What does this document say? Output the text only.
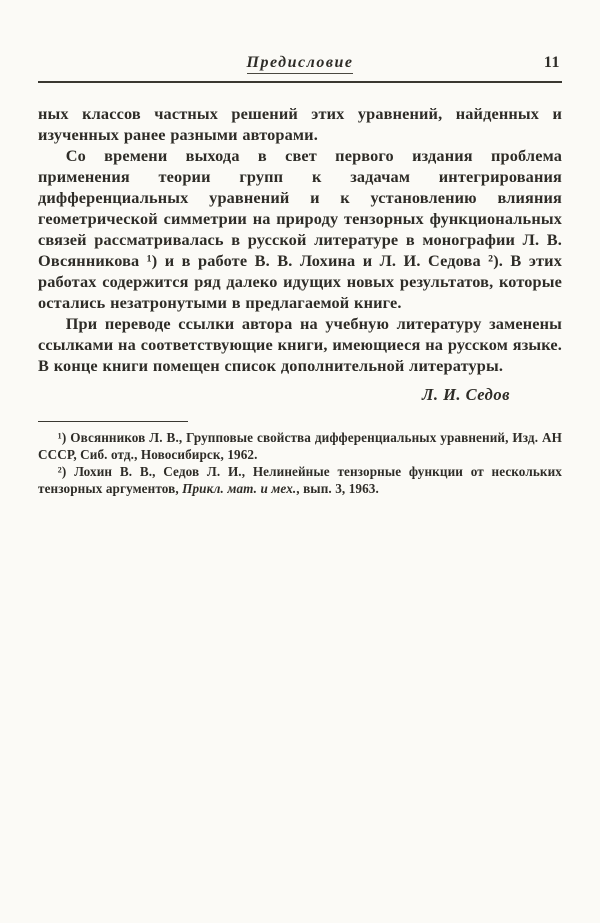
Предисловие	11

ных классов частных решений этих уравнений, найденных и изученных ранее разными авторами.

Со времени выхода в свет первого издания проблема применения теории групп к задачам интегрирования дифференциальных уравнений и к установлению влияния геометрической симметрии на природу тензорных функциональных связей рассматривалась в русской литературе в монографии Л. В. Овсянникова ¹) и в работе В. В. Лохина и Л. И. Седова ²). В этих работах содержится ряд далеко идущих новых результатов, которые остались незатронутыми в предлагаемой книге.

При переводе ссылки автора на учебную литературу заменены ссылками на соответствующие книги, имеющиеся на русском языке. В конце книги помещен список дополнительной литературы.

Л. И. Седов

¹) Овсянников Л. В., Групповые свойства дифференциальных уравнений, Изд. АН СССР, Сиб. отд., Новосибирск, 1962.

²) Лохин В. В., Седов Л. И., Нелинейные тензорные функции от нескольких тензорных аргументов, Прикл. мат. и мех., вып. 3, 1963.
